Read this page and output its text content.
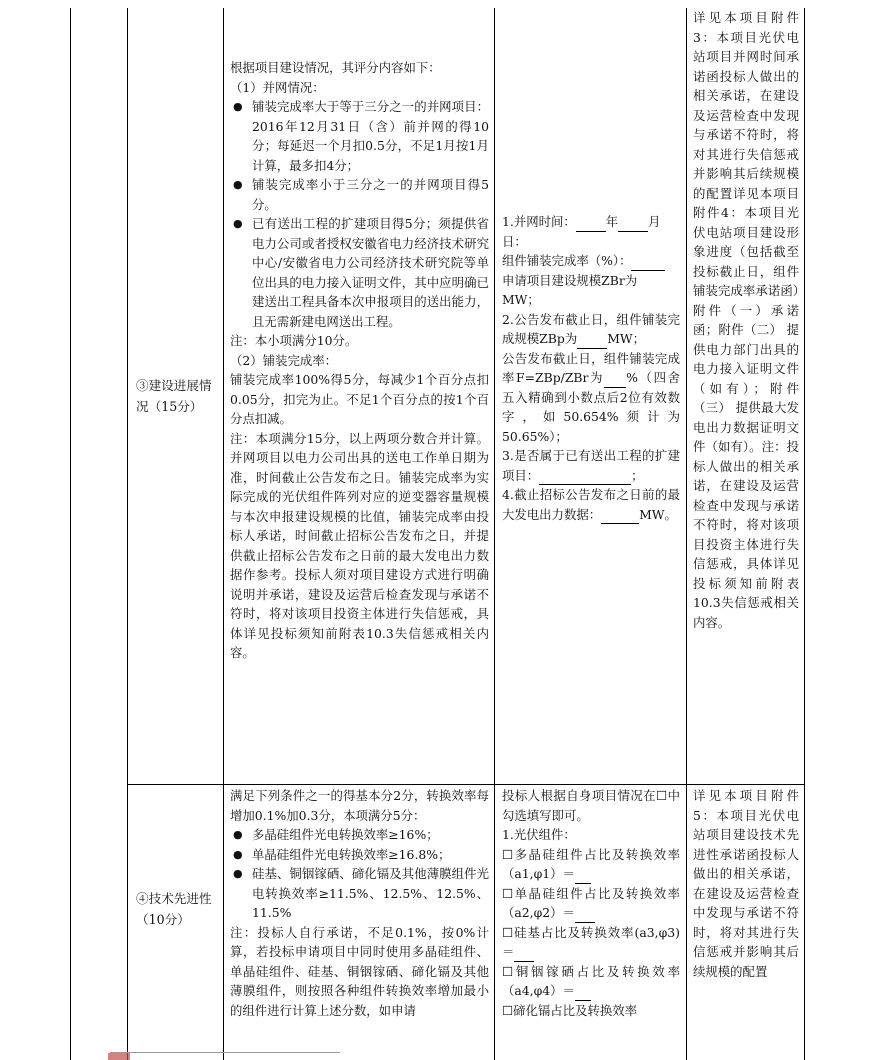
③建设进展情况（15分）
根据项目建设情况，其评分内容如下：
（1）并网情况：
● 铺装完成率大于等于三分之一的并网项目：2016年12月31日（含）前并网的得10分；每延迟一个月扣0.5分，不足1月按1月计算，最多扣4分；
● 铺装完成率小于三分之一的并网项目得5分。
● 已有送出工程的扩建项目得5分；须提供省电力公司或者授权安徽省电力经济技术研究中心/安徽省电力公司经济技术研究院等单位出具的电力接入证明文件，其中应明确已建送出工程具备本次申报项目的送出能力，且无需新建电网送出工程。
注：本小项满分10分。
（2）铺装完成率：
铺装完成率100%得5分，每减少1个百分点扣0.05分，扣完为止。不足1个百分点的按1个百分点扣减。
注：本项满分15分，以上两项分数合并计算。并网项目以电力公司出具的送电工作单日期为准，时间截止公告发布之日。铺装完成率为实际完成的光伏组件阵列对应的逆变器容量规模与本次申报建设规模的比值，铺装完成率由投标人承诺，时间截止招标公告发布之日，并提供截止招标公告发布之日前的最大发电出力数据作参考。投标人须对项目建设方式进行明确说明并承诺，建设及运营后检查发现与承诺不符时，将对该项目投资主体进行失信惩戒，具体详见投标须知前附表10.3失信惩戒相关内容。
1.并网时间： 年 月
日：
组件铺装完成率（%）：
申请项目建设规模ZBr为
MW；
2.公告发布截止日，组件铺装完成规模ZBp为 MW；
公告发布截止日，组件铺装完成率F=ZBp/ZBr为 %（四舍五入精确到小数点后2位有效数字，如50.654%须计为50.65%）；
3.是否属于已有送出工程的扩建项目：	；
4.截止招标公告发布之日前的最大发电出力数据：	MW。
详见本项目附件3：本项目光伏电站项目并网时间承诺函投标人做出的相关承诺，在建设及运营检查中发现与承诺不符时，将对其进行失信惩戒并影响其后续规模的配置详见本项目附件4：本项目光伏电站项目建设形象进度（包括截至投标截止日，组件铺装完成率承诺函）附件（一）承诺函；附件（二） 提供电力部门出具的电力接入证明文件（如有）；附件（三） 提供最大发电出力数据证明文件（如有）。注：投标人做出的相关承诺，在建设及运营检查中发现与承诺不符时，将对该项目投资主体进行失信惩戒，具体详见投标须知前附表10.3失信惩戒相关内容。
④技术先进性（10分）
满足下列条件之一的得基本分2分，转换效率每增加0.1%加0.3分，本项满分5分：
● 多晶硅组件光电转换效率≥16%；
● 单晶硅组件光电转换效率≥16.8%；
● 硅基、铜铟镓硒、碲化镉及其他薄膜组件光电转换效率≥11.5%、12.5%、12.5%、11.5%
注：投标人自行承诺，不足0.1%，按0%计算，若投标申请项目中同时使用多晶硅组件、单晶硅组件、硅基、铜铟镓硒、碲化镉及其他薄膜组件，则按照各种组件转换效率增加最小的组件进行计算上述分数，如申请
投标人根据自身项目情况在☐中勾选填写即可。
1.光伏组件：
☐多晶硅组件占比及转换效率（a1,φ1）＝
☐单晶硅组件占比及转换效率（a2,φ2）＝
☐硅基占比及转换效率(a3,φ3)＝
☐铜铟镓硒占比及转换效率（a4,φ4）＝
☐碲化镉占比及转换效率
详见本项目附件5：本项目光伏电站项目建设技术先进性承诺函投标人做出的相关承诺，在建设及运营检查中发现与承诺不符时，将对其进行失信惩戒并影响其后续规模的配置
